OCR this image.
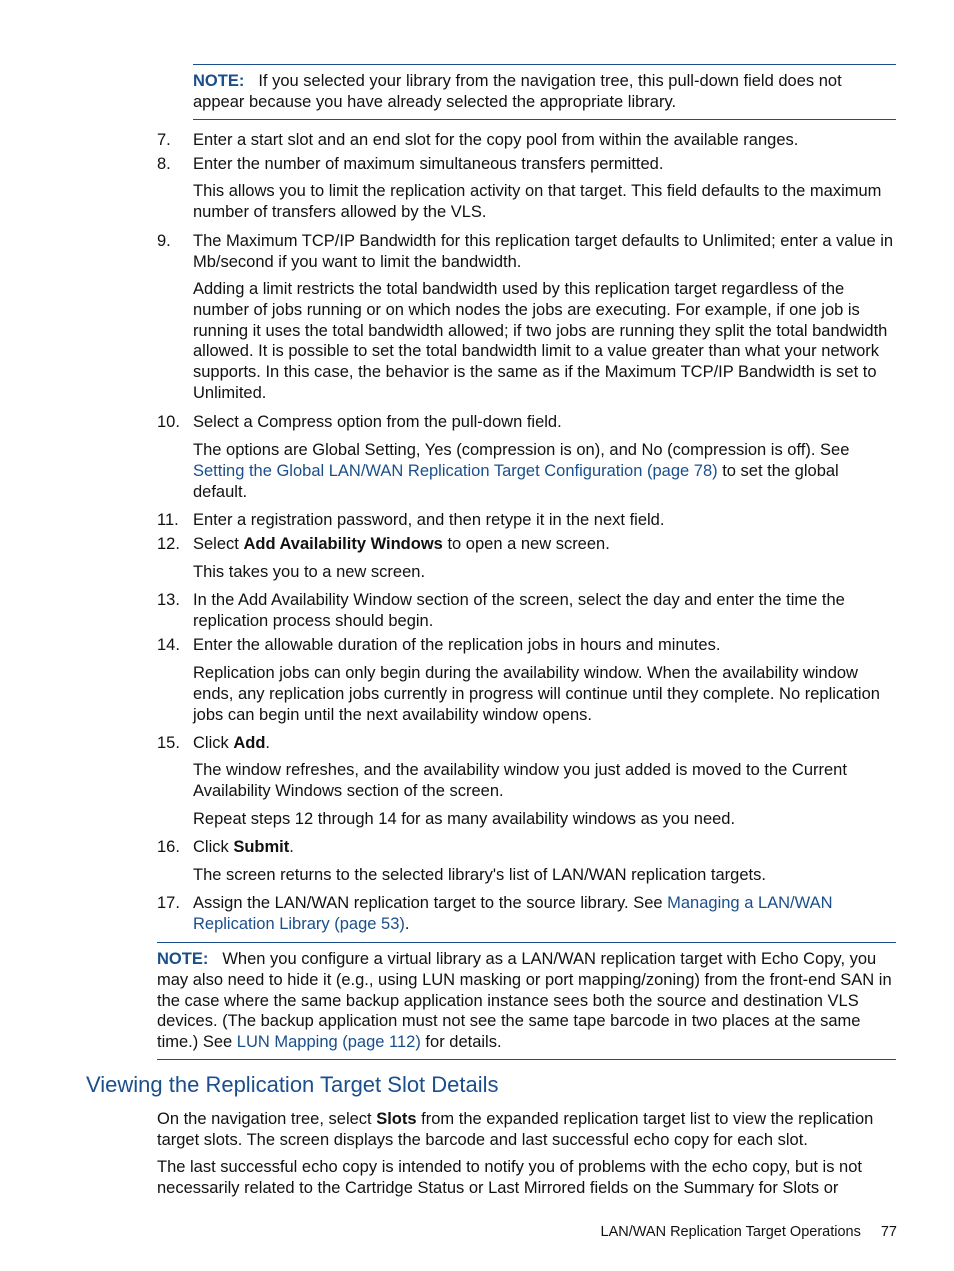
NOTE: If you selected your library from the navigation tree, this pull-down field does not appear because you have already selected the appropriate library.
7. Enter a start slot and an end slot for the copy pool from within the available ranges.
8. Enter the number of maximum simultaneous transfers permitted.
This allows you to limit the replication activity on that target. This field defaults to the maximum number of transfers allowed by the VLS.
9. The Maximum TCP/IP Bandwidth for this replication target defaults to Unlimited; enter a value in Mb/second if you want to limit the bandwidth.
Adding a limit restricts the total bandwidth used by this replication target regardless of the number of jobs running or on which nodes the jobs are executing. For example, if one job is running it uses the total bandwidth allowed; if two jobs are running they split the total bandwidth allowed. It is possible to set the total bandwidth limit to a value greater than what your network supports. In this case, the behavior is the same as if the Maximum TCP/IP Bandwidth is set to Unlimited.
10. Select a Compress option from the pull-down field.
The options are Global Setting, Yes (compression is on), and No (compression is off). See Setting the Global LAN/WAN Replication Target Configuration (page 78) to set the global default.
11. Enter a registration password, and then retype it in the next field.
12. Select Add Availability Windows to open a new screen.
This takes you to a new screen.
13. In the Add Availability Window section of the screen, select the day and enter the time the replication process should begin.
14. Enter the allowable duration of the replication jobs in hours and minutes.
Replication jobs can only begin during the availability window. When the availability window ends, any replication jobs currently in progress will continue until they complete. No replication jobs can begin until the next availability window opens.
15. Click Add.
The window refreshes, and the availability window you just added is moved to the Current Availability Windows section of the screen.
Repeat steps 12 through 14 for as many availability windows as you need.
16. Click Submit.
The screen returns to the selected library's list of LAN/WAN replication targets.
17. Assign the LAN/WAN replication target to the source library. See Managing a LAN/WAN Replication Library (page 53).
NOTE: When you configure a virtual library as a LAN/WAN replication target with Echo Copy, you may also need to hide it (e.g., using LUN masking or port mapping/zoning) from the front-end SAN in the case where the same backup application instance sees both the source and destination VLS devices. (The backup application must not see the same tape barcode in two places at the same time.) See LUN Mapping (page 112) for details.
Viewing the Replication Target Slot Details
On the navigation tree, select Slots from the expanded replication target list to view the replication target slots. The screen displays the barcode and last successful echo copy for each slot.
The last successful echo copy is intended to notify you of problems with the echo copy, but is not necessarily related to the Cartridge Status or Last Mirrored fields on the Summary for Slots or
LAN/WAN Replication Target Operations 77
